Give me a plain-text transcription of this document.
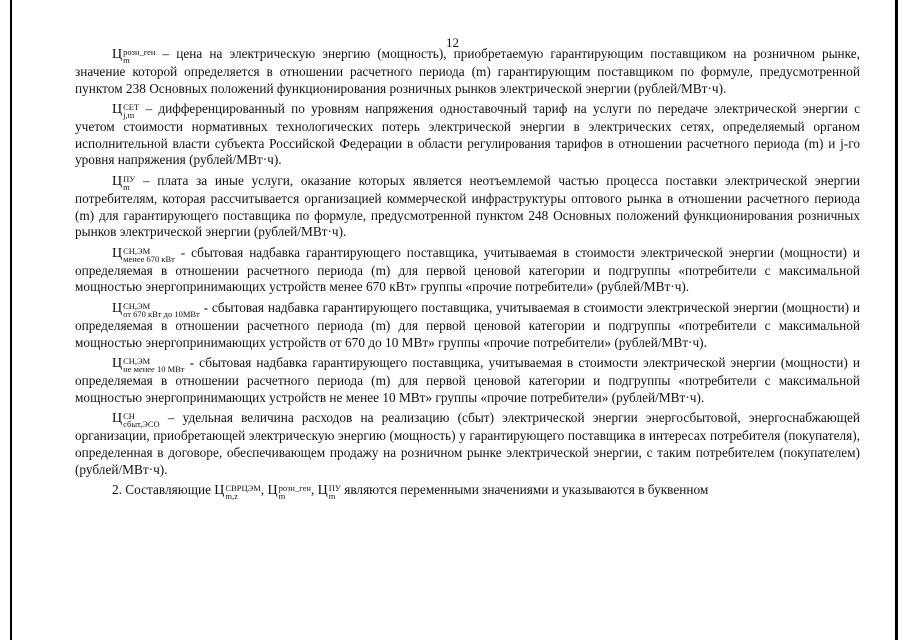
12

Ц розн_ген
m	– цена на электрическую энергию (мощность), приобретаемую гарантирующим поставщиком на розничном рынке, значение которой определяется в отношении расчетного периода (m) гарантирующим поставщиком по формуле, предусмотренной пунктом 238 Основных положений функционирования розничных рынков электрической энергии (рублей/МВт·ч).

Ц СЕТ
j,m – дифференцированный по уровням напряжения одноставочный тариф на услуги по передаче электрической энергии с учетом стоимости нормативных технологических потерь электрической энергии в электрических сетях, определяемый органом исполнительной власти субъекта Российской Федерации в области регулирования тарифов в отношении расчетного периода (m) и j-го уровня напряжения (рублей/МВт·ч).

Ц ПУ
m – плата за иные услуги, оказание которых является неотъемлемой частью процесса поставки электрической энергии потребителям, которая рассчитывается организацией коммерческой инфраструктуры оптового рынка в отношении расчетного периода (m) для гарантирующего поставщика по формуле, предусмотренной пунктом 248 Основных положений функционирования розничных рынков электрической энергии (рублей/МВт·ч).

Ц СН,ЭМ
менее 670 кВт - сбытовая надбавка гарантирующего поставщика, учитываемая в стоимости электрической энергии (мощности) и определяемая в отношении расчетного периода (m) для первой ценовой категории и подгруппы «потребители с максимальной мощностью энергопринимающих устройств менее 670 кВт» группы «прочие потребители» (рублей/МВт·ч).

Ц СН,ЭМ
от 670 кВт до 10МВт - сбытовая надбавка гарантирующего поставщика, учитываемая в стоимости электрической энергии (мощности) и определяемая в отношении расчетного периода (m) для первой ценовой категории и подгруппы «потребители с максимальной мощностью энергопринимающих устройств от 670 до 10 МВт» группы «прочие потребители» (рублей/МВт·ч).

Ц СН,ЭМ
не менее 10 МВт - сбытовая надбавка гарантирующего поставщика, учитываемая в стоимости электрической энергии (мощности) и определяемая в отношении расчетного периода (m) для первой ценовой категории и подгруппы «потребители с максимальной мощностью энергопринимающих устройств не менее 10 МВт» группы «прочие потребители» (рублей/МВт·ч).

Ц СН
сбыт,ЭСО – удельная величина расходов на реализацию (сбыт) электрической энергии энергосбытовой, энергоснабжающей организации, приобретающей электрическую энергию (мощность) у гарантирующего поставщика в интересах потребителя (покупателя), определенная в договоре, обеспечивающем продажу на розничном рынке электрической энергии, с таким потребителем (покупателем) (рублей/МВт·ч).

2. Составляющие Ц СВРЦЭМ
m,z	, Ц розн_ген
m	, Ц ПУ
m являются переменными значениями и указываются в буквенном
